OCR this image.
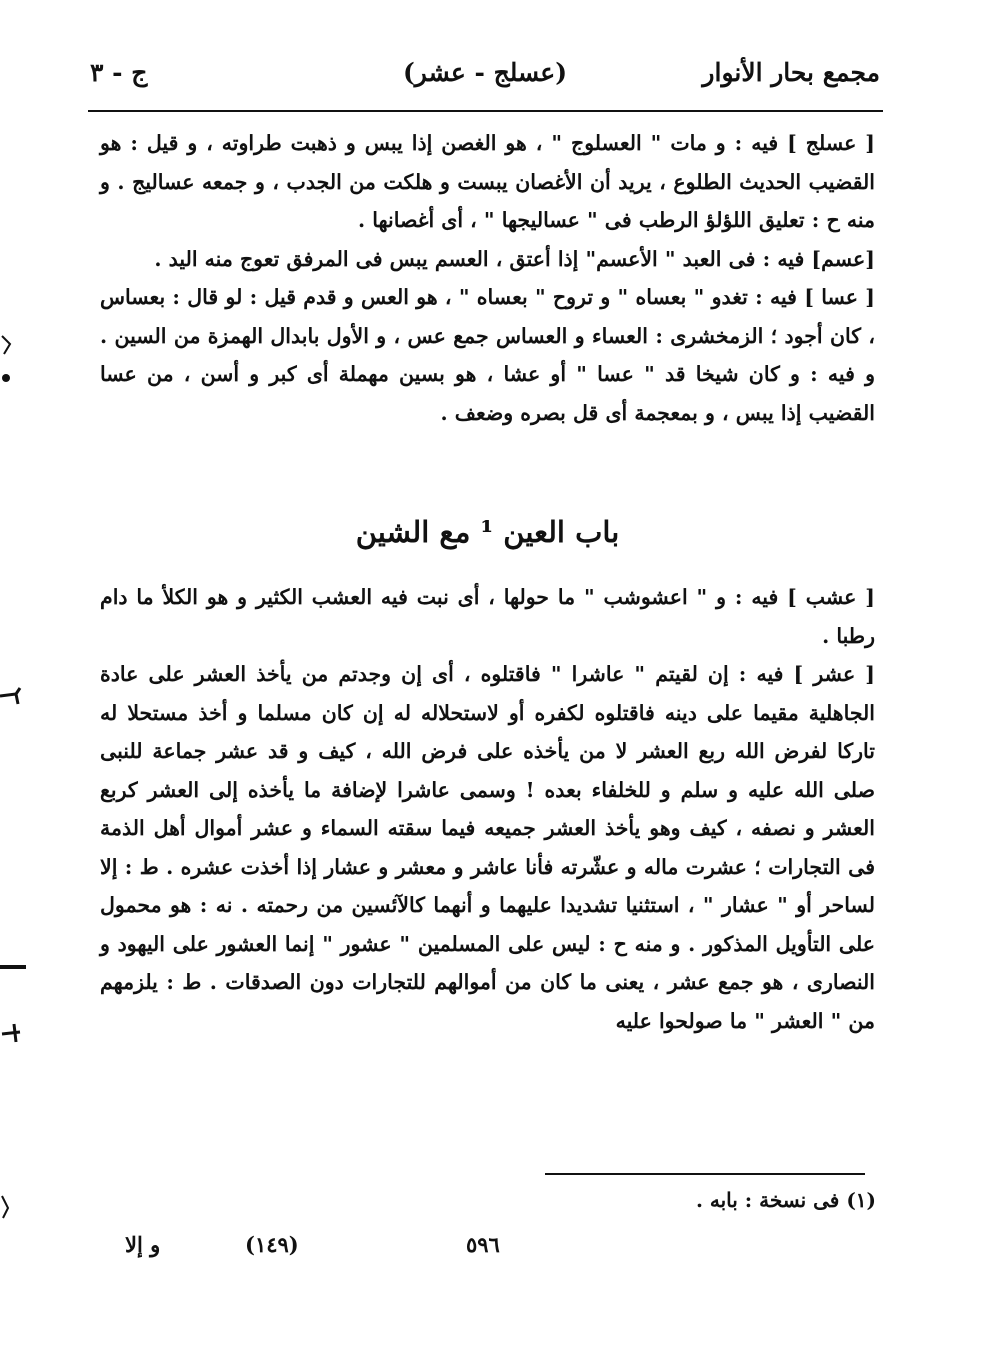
مجمع بحار الأنوار
(عسلج - عشر)
ج - ٣

[ عسلج ] فيه : و مات " العسلوج " ، هو الغصن إذا يبس و ذهبت طراوته ، و قيل : هو القضيب الحديث الطلوع ، يريد أن الأغصان يبست و هلكت من الجدب ، و جمعه عساليج . و منه ح : تعليق اللؤلؤ الرطب فى " عساليجها " ، أى أغصانها .

[عسم] فيه : فى العبد " الأعسم" إذا أعتق ، العسم يبس فى المرفق تعوج منه اليد .

[ عسا ] فيه : تغدو " بعساه " و تروح " بعساه " ، هو العس و قدم قيل : لو قال : بعساس ، كان أجود ؛ الزمخشرى : العساء و العساس جمع عس ، و الأول بابدال الهمزة من السين . و فيه : و كان شيخا قد " عسا " أو عشا ، هو بسين مهملة أى كبر و أسن ، من عسا القضيب إذا يبس ، و بمعجمة أى قل بصره وضعف .

باب العين ¹ مع الشين

[ عشب ] فيه : و " اعشوشب " ما حولها ، أى نبت فيه العشب الكثير و هو الكلأ ما دام رطبا .

[ عشر ] فيه : إن لقيتم " عاشرا " فاقتلوه ، أى إن وجدتم من يأخذ العشر على عادة الجاهلية مقيما على دينه فاقتلوه لكفره أو لاستحلاله له إن كان مسلما و أخذ مستحلا له تاركا لفرض الله ربع العشر لا من يأخذه على فرض الله ، كيف و قد عشر جماعة للنبى صلى الله عليه و سلم و للخلفاء بعده ! وسمى عاشرا لإضافة ما يأخذه إلى العشر كربع العشر و نصفه ، كيف وهو يأخذ العشر جميعه فيما سقته السماء و عشر أموال أهل الذمة فى التجارات ؛ عشرت ماله و عشّرته فأنا عاشر و معشر و عشار إذا أخذت عشره . ط : إلا لساحر أو " عشار " ، استثنيا تشديدا عليهما و أنهما كالآئسين من رحمته . نه : هو محمول على التأويل المذكور . و منه ح : ليس على المسلمين " عشور " إنما العشور على اليهود و النصارى ، هو جمع عشر ، يعنى ما كان من أموالهم للتجارات دون الصدقات . ط : يلزمهم من " العشر " ما صولحوا عليه

(١) فى نسخة : بابه .
٥٩٦
(١٤٩)
و إلا
